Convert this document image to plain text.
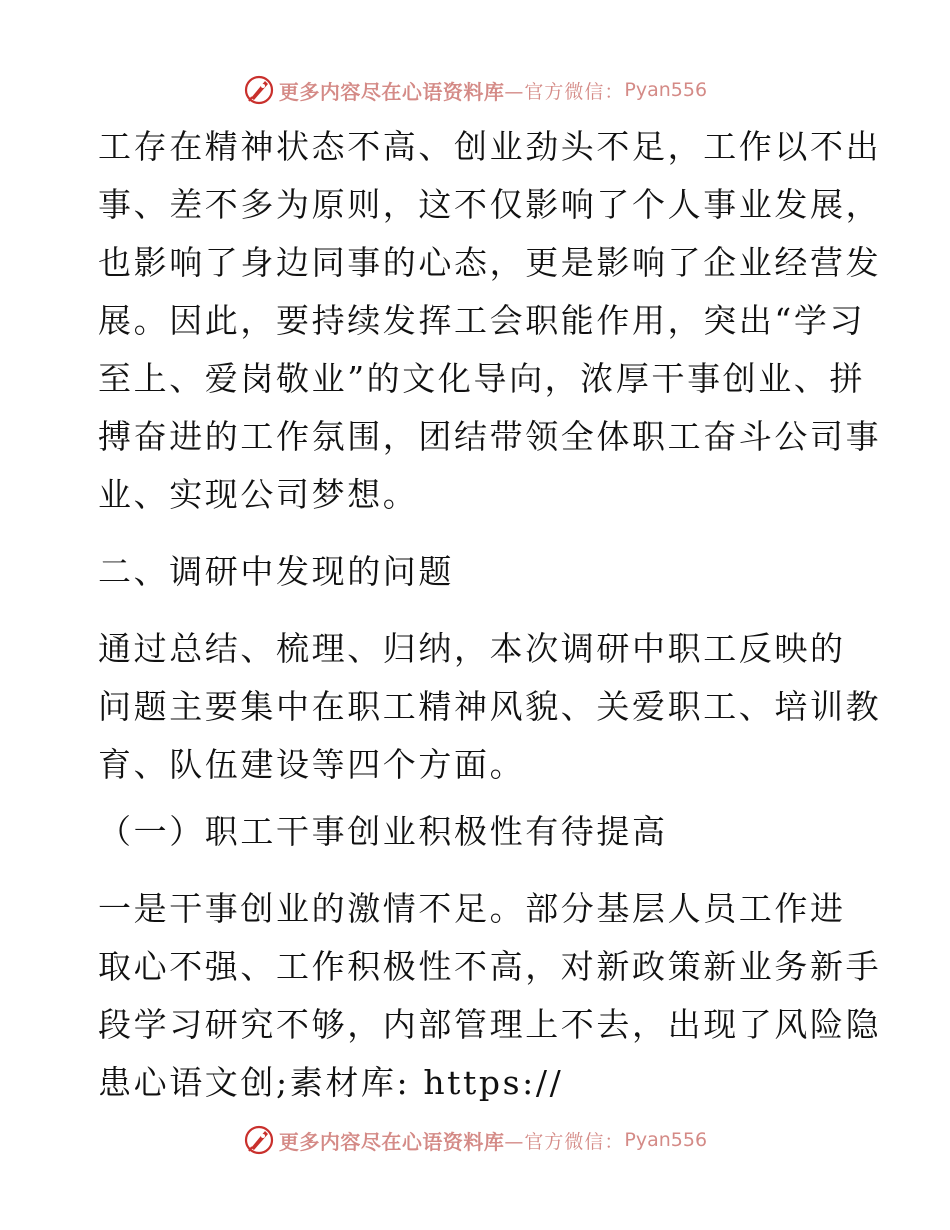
更多内容尽在心语资料库 —官方微信： Pyan556
工存在精神状态不高、创业劲头不足，工作以不出
事、差不多为原则，这不仅影响了个人事业发展，
也影响了身边同事的心态，更是影响了企业经营发
展。因此，要持续发挥工会职能作用，突出“学习
至上、爱岗敬业”的文化导向，浓厚干事创业、拼
搏奋进的工作氛围，团结带领全体职工奋斗公司事
业、实现公司梦想。
二、调研中发现的问题
通过总结、梳理、归纳，本次调研中职工反映的
问题主要集中在职工精神风貌、关爱职工、培训教
育、队伍建设等四个方面。
（一）职工干事创业积极性有待提高
一是干事创业的激情不足。部分基层人员工作进
取心不强、工作积极性不高，对新政策新业务新手
段学习研究不够，内部管理上不去，出现了风险隐
患心语文创;素材库: https://
更多内容尽在心语资料库 —官方微信： Pyan556
